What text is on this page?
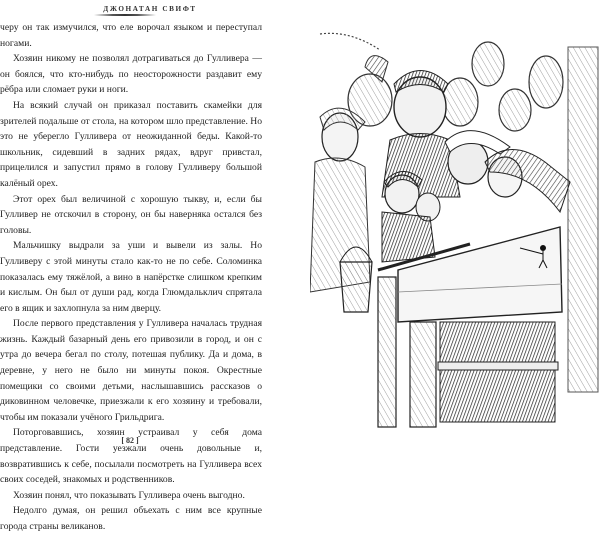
ДЖОНАТАН СВИФТ

черу он так измучился, что еле ворочал языком и переступал ногами.

Хозяин никому не позволял дотрагиваться до Гулливера — он боялся, что кто-нибудь по неосторожности раздавит ему рёбра или сломает руки и ноги.

На всякий случай он приказал поставить скамейки для зрителей подальше от стола, на котором шло представление. Но это не уберегло Гулливера от неожиданной беды. Какой-то школьник, сидевший в задних рядах, вдруг привстал, прицелился и запустил прямо в голову Гулливеру большой калёный орех.

Этот орех был величиной с хорошую тыкву, и, если бы Гулливер не отскочил в сторону, он бы наверняка остался без головы.

Мальчишку выдрали за уши и вывели из залы. Но Гулливеру с этой минуты стало как-то не по себе. Соломинка показалась ему тяжёлой, а вино в напёрстке слишком крепким и кислым. Он был от души рад, когда Глюмдальклич спрятала его в ящик и захлопнула за ним дверцу.

После первого представления у Гулливера началась трудная жизнь. Каждый базарный день его привозили в город, и он с утра до вечера бегал по столу, потешая публику. Да и дома, в деревне, у него не было ни минуты покоя. Окрестные помещики со своими детьми, наслышавшись рассказов о диковинном человечке, приезжали к его хозяину и требовали, чтобы им показали учёного Грильдрига.

Поторговавшись, хозяин устраивал у себя дома представление. Гости уезжали очень довольные и, возвратившись к себе, посылали посмотреть на Гулливера всех своих соседей, знакомых и родственников.

Хозяин понял, что показывать Гулливера очень выгодно.

Недолго думая, он решил объехать с ним все крупные города страны великанов.

[ 82 ]
